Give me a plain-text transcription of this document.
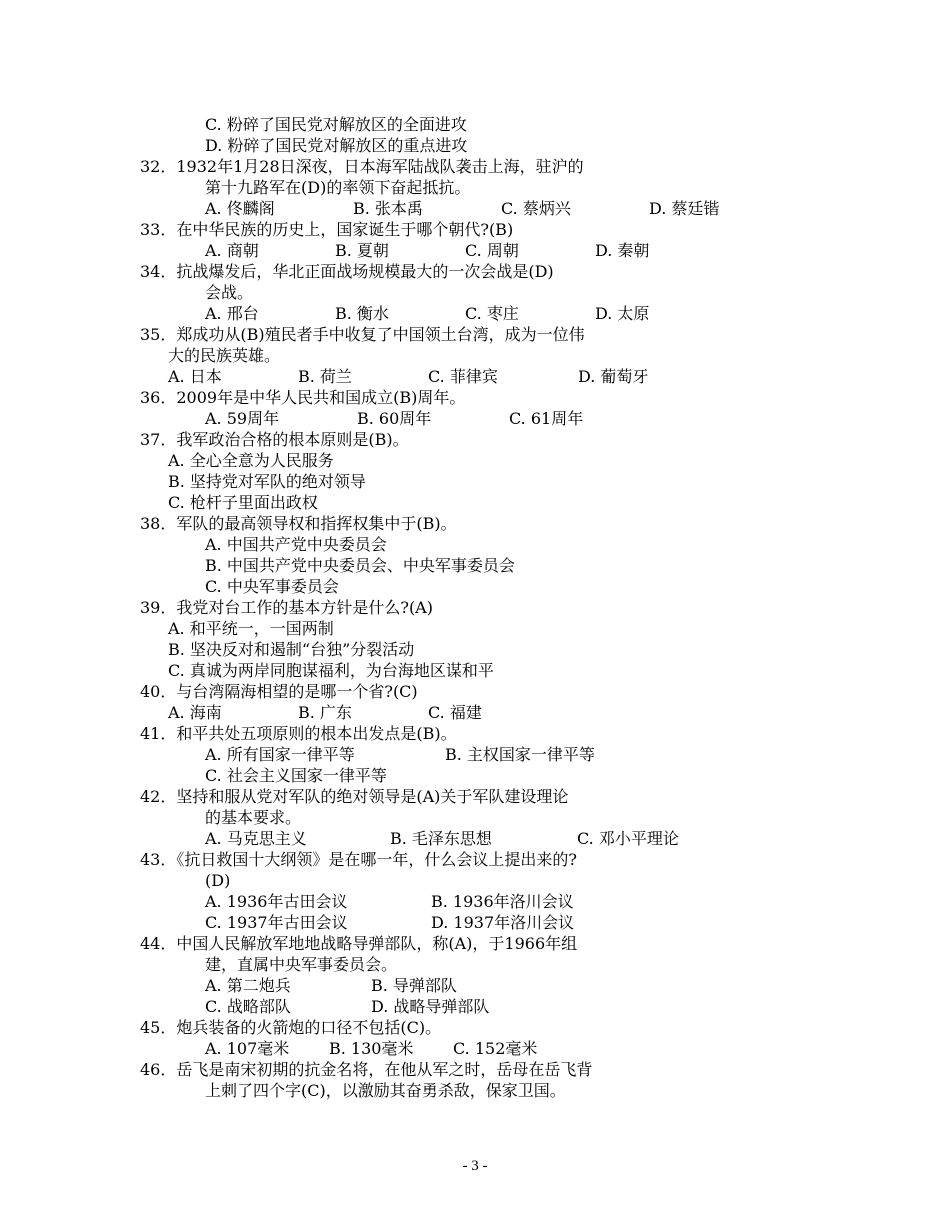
C. 粉碎了国民党对解放区的全面进攻
D. 粉碎了国民党对解放区的重点进攻
32．1932年1月28日深夜，日本海军陆战队袭击上海，驻沪的
第十九路军在(D)的率领下奋起抵抗。
A. 佟麟阁	B. 张本禹	C. 蔡炳兴	D. 蔡廷锴
33．在中华民族的历史上，国家诞生于哪个朝代?(B)
A. 商朝	B. 夏朝	C. 周朝	D. 秦朝
34．抗战爆发后，华北正面战场规模最大的一次会战是(D)
会战。
A. 邢台	B. 衡水	C. 枣庄	D. 太原
35．郑成功从(B)殖民者手中收复了中国领土台湾，成为一位伟
大的民族英雄。
A. 日本	B. 荷兰	C. 菲律宾	D. 葡萄牙
36．2009年是中华人民共和国成立(B)周年。
A. 59周年	B. 60周年	C. 61周年
37．我军政治合格的根本原则是(B)。
A. 全心全意为人民服务
B. 坚持党对军队的绝对领导
C. 枪杆子里面出政权
38．军队的最高领导权和指挥权集中于(B)。
A. 中国共产党中央委员会
B. 中国共产党中央委员会、中央军事委员会
C. 中央军事委员会
39．我党对台工作的基本方针是什么?(A)
A. 和平统一，一国两制
B. 坚决反对和遏制“台独”分裂活动
C. 真诚为两岸同胞谋福利，为台海地区谋和平
40．与台湾隔海相望的是哪一个省?(C)
A. 海南	B. 广东	C. 福建
41．和平共处五项原则的根本出发点是(B)。
A. 所有国家一律平等	B. 主权国家一律平等
C. 社会主义国家一律平等
42．坚持和服从党对军队的绝对领导是(A)关于军队建设理论
的基本要求。
A. 马克思主义	B. 毛泽东思想	C. 邓小平理论
43．《抗日救国十大纲领》是在哪一年，什么会议上提出来的?
(D)
A. 1936年古田会议	B. 1936年洛川会议
C. 1937年古田会议	D. 1937年洛川会议
44．中国人民解放军地地战略导弹部队，称(A)，于1966年组
建，直属中央军事委员会。
A. 第二炮兵	B. 导弹部队
C. 战略部队	D. 战略导弹部队
45．炮兵装备的火箭炮的口径不包括(C)。
A. 107毫米 B. 130毫米 C. 152毫米
46．岳飞是南宋初期的抗金名将，在他从军之时，岳母在岳飞背
上刺了四个字(C)，以激励其奋勇杀敌，保家卫国。
- 3 -
